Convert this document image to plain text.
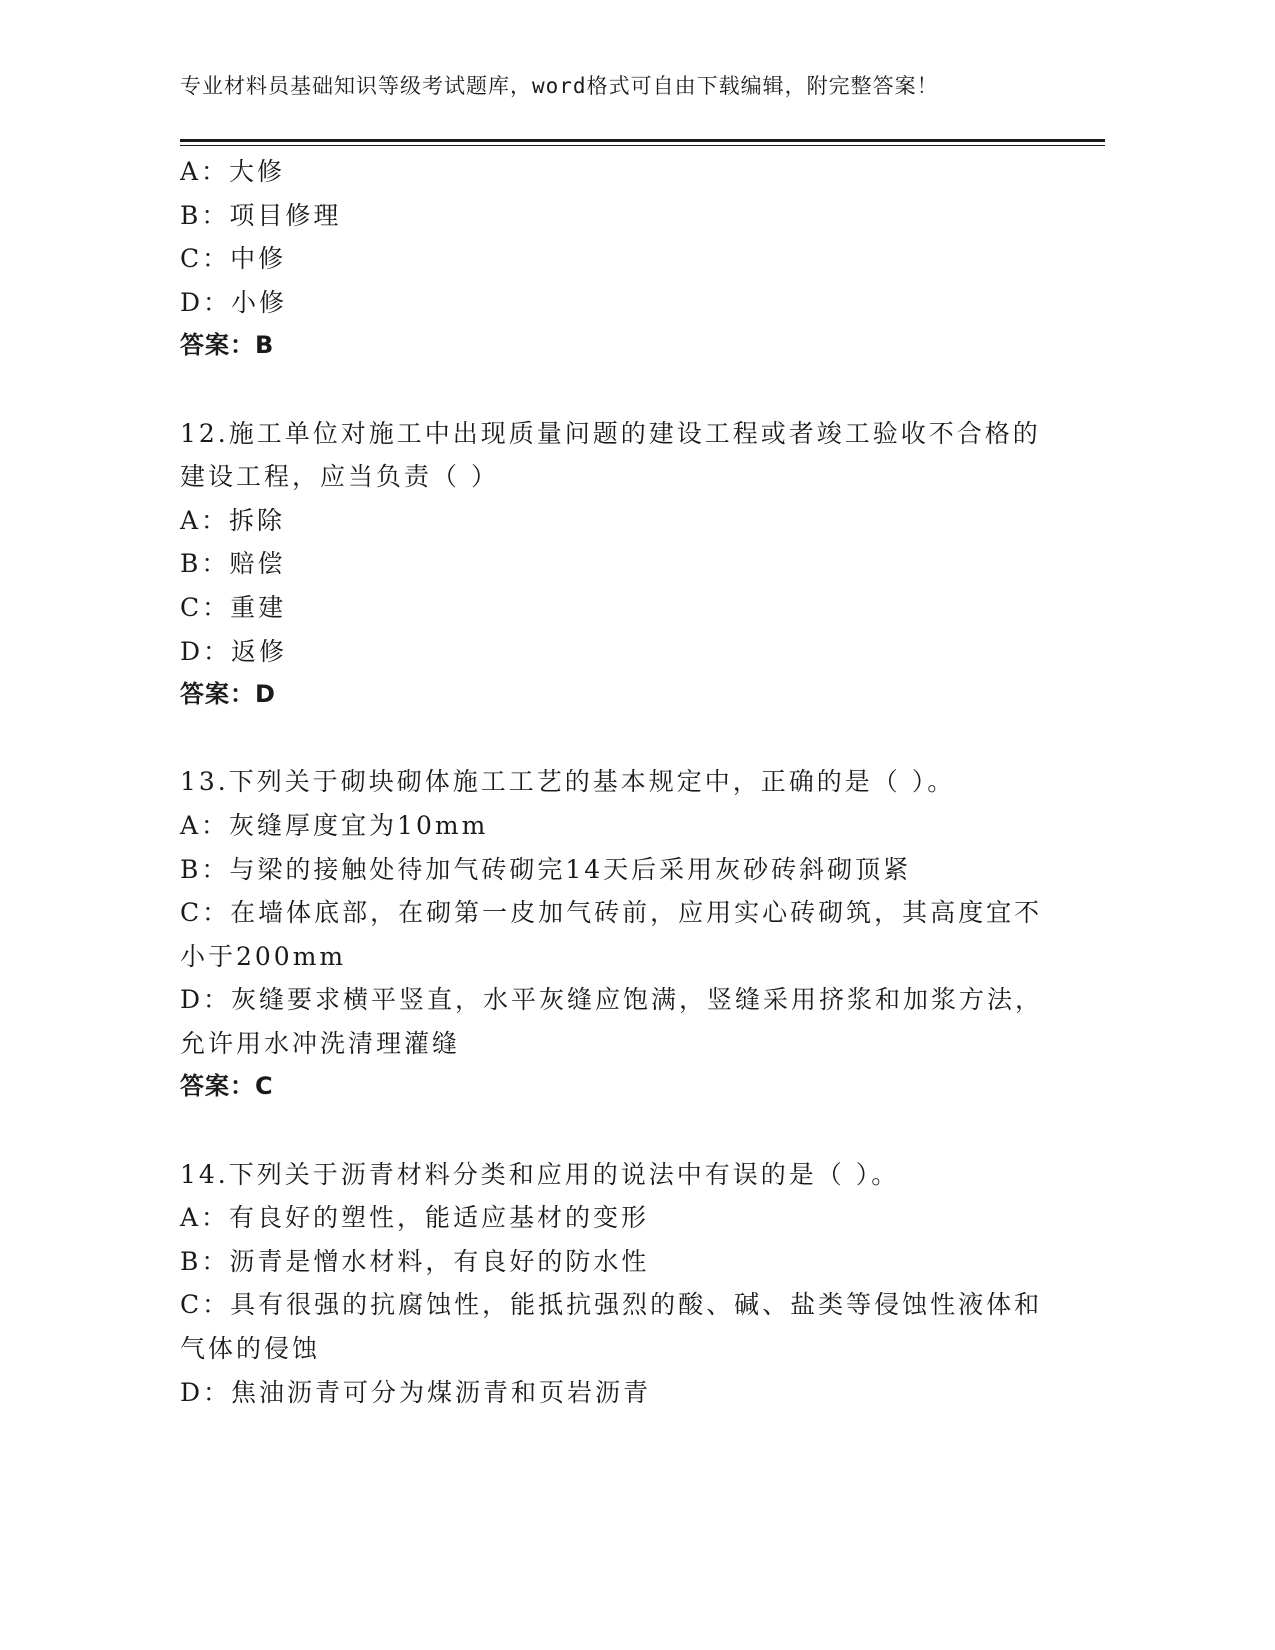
专业材料员基础知识等级考试题库，word格式可自由下载编辑，附完整答案！
A：大修
B：项目修理
C：中修
D：小修
答案：B
12.施工单位对施工中出现质量问题的建设工程或者竣工验收不合格的
建设工程，应当负责（ ）
A：拆除
B：赔偿
C：重建
D：返修
答案：D
13.下列关于砌块砌体施工工艺的基本规定中，正确的是（ ）。
A：灰缝厚度宜为10mm
B：与梁的接触处待加气砖砌完14天后采用灰砂砖斜砌顶紧
C：在墙体底部，在砌第一皮加气砖前，应用实心砖砌筑，其高度宜不
小于200mm
D：灰缝要求横平竖直，水平灰缝应饱满，竖缝采用挤浆和加浆方法，
允许用水冲洗清理灌缝
答案：C
14.下列关于沥青材料分类和应用的说法中有误的是（ ）。
A：有良好的塑性，能适应基材的变形
B：沥青是憎水材料，有良好的防水性
C：具有很强的抗腐蚀性，能抵抗强烈的酸、碱、盐类等侵蚀性液体和
气体的侵蚀
D：焦油沥青可分为煤沥青和页岩沥青
